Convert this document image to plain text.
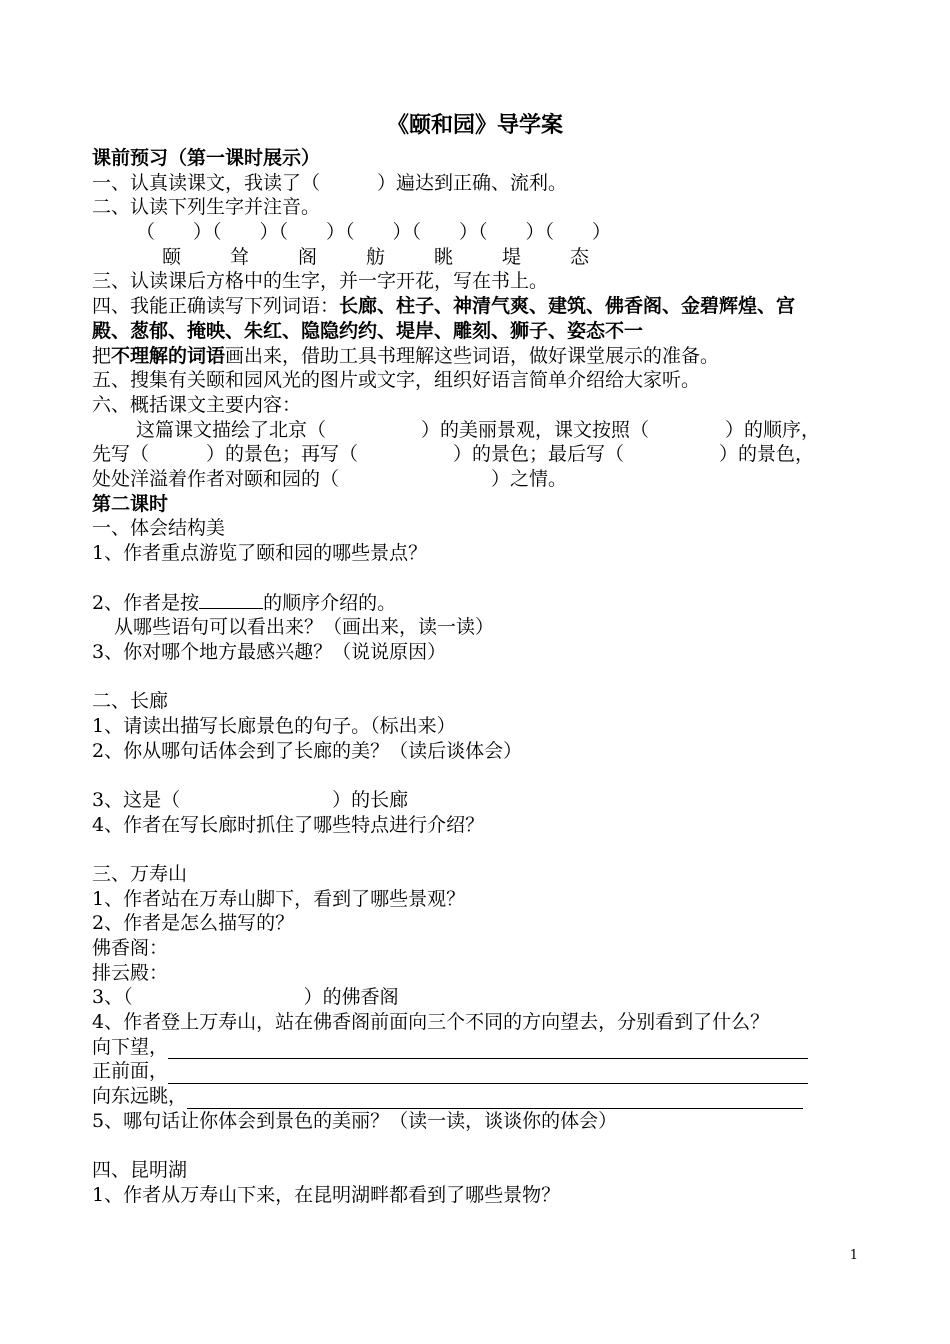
《颐和园》导学案
课前预习（第一课时展示）
一、认真读课文，我读了（　　　）遍达到正确、流利。
二、认读下列生字并注音。
（　　）（　　）（　　）（　　）（　　）（　　）（　　）
颐	耸	阁	舫	眺	堤	态
三、认读课后方格中的生字，并一字开花，写在书上。
四、我能正确读写下列词语：长廊、柱子、神清气爽、建筑、佛香阁、金碧辉煌、宫
殿、葱郁、掩映、朱红、隐隐约约、堤岸、雕刻、狮子、姿态不一
把不理解的词语画出来，借助工具书理解这些词语，做好课堂展示的准备。
五、搜集有关颐和园风光的图片或文字，组织好语言简单介绍给大家听。
六、概括课文主要内容：
这篇课文描绘了北京（　　　　　）的美丽景观，课文按照（　　　　）的顺序，
先写（　　　）的景色；再写（　　　　　）的景色；最后写（　　　　　）的景色，
处处洋溢着作者对颐和园的（　　　　　　　　）之情。
第二课时
一、体会结构美
1、作者重点游览了颐和园的哪些景点？
2、作者是按	的顺序介绍的。
从哪些语句可以看出来？（画出来，读一读）
3、你对哪个地方最感兴趣？（说说原因）
二、长廊
1、请读出描写长廊景色的句子。（标出来）
2、你从哪句话体会到了长廊的美？（读后谈体会）
3、这是（　　　　　　　　）的长廊
4、作者在写长廊时抓住了哪些特点进行介绍？
三、万寿山
1、作者站在万寿山脚下，看到了哪些景观？
2、作者是怎么描写的？
佛香阁：
排云殿：
3、（　　　　　　　　　）的佛香阁
4、作者登上万寿山，站在佛香阁前面向三个不同的方向望去，分别看到了什么？
向下望，
正前面，
向东远眺，
5、哪句话让你体会到景色的美丽？（读一读，谈谈你的体会）
四、昆明湖
1、作者从万寿山下来，在昆明湖畔都看到了哪些景物？
1
